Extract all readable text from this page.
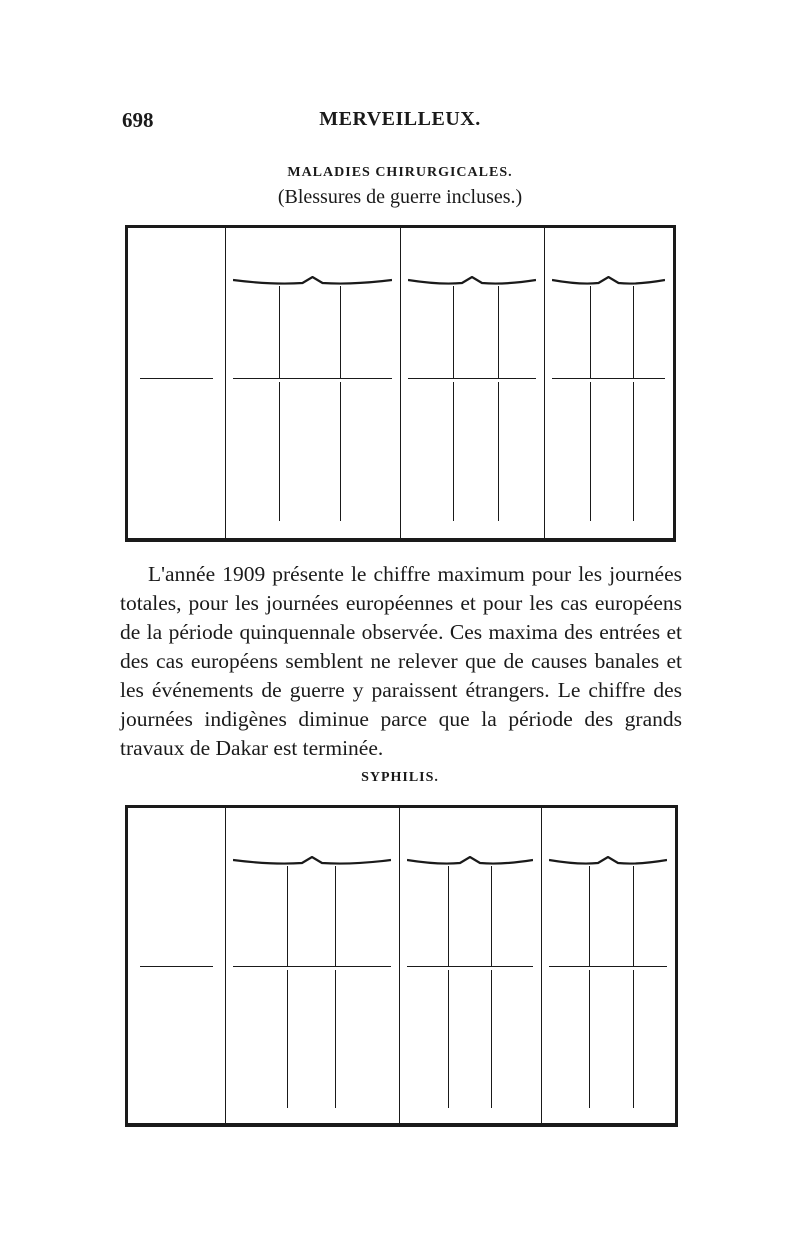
698	MERVEILLEUX.
MALADIES CHIRURGICALES.
(Blessures de guerre incluses.)

L'année 1909 présente le chiffre maximum pour les journées totales, pour les journées européennes et pour les cas européens de la période quinquennale observée. Ces maxima des entrées et des cas européens semblent ne relever que de causes banales et les événements de guerre y paraissent étrangers. Le chiffre des journées indigènes diminue parce que la période des grands travaux de Dakar est terminée.

SYPHILIS.
